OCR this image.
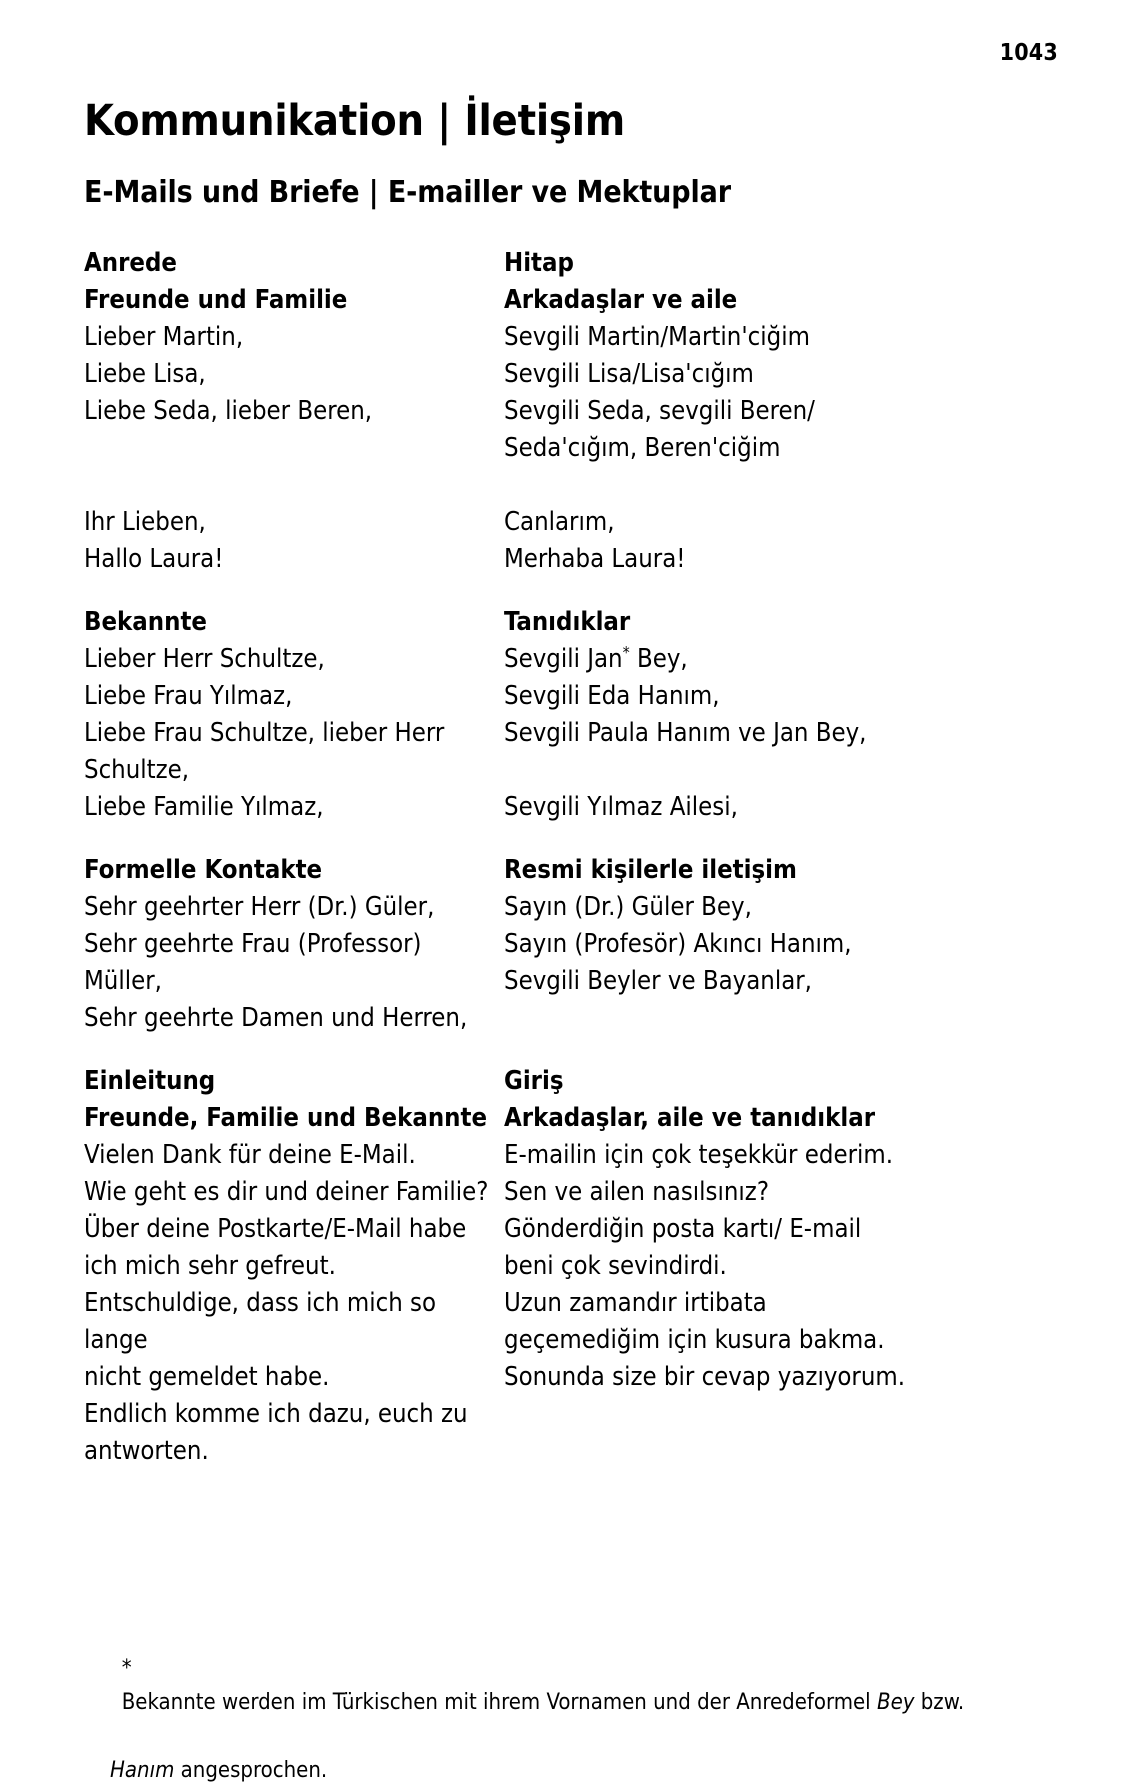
1043
Kommunikation | İletişim
E-Mails und Briefe | E-mailler ve Mektuplar
Anrede
Freunde und Familie
Lieber Martin,
Liebe Lisa,
Liebe Seda, lieber Beren,

Ihr Lieben,
Hallo Laura!
Hitap
Arkadaşlar ve aile
Sevgili Martin/Martin'ciğim
Sevgili Lisa/Lisa'cığım
Sevgili Seda, sevgili Beren/
Seda'cığım, Beren'ciğim

Canlarım,
Merhaba Laura!
Bekannte
Lieber Herr Schultze,
Liebe Frau Yılmaz,
Liebe Frau Schultze, lieber Herr
Schultze,
Liebe Familie Yılmaz,
Tanıdıklar
Sevgili Jan* Bey,
Sevgili Eda Hanım,
Sevgili Paula Hanım ve Jan Bey,

Sevgili Yılmaz Ailesi,
Formelle Kontakte
Sehr geehrter Herr (Dr.) Güler,
Sehr geehrte Frau (Professor) Müller,
Sehr geehrte Damen und Herren,
Resmi kişilerle iletişim
Sayın (Dr.) Güler Bey,
Sayın (Profesör) Akıncı Hanım,
Sevgili Beyler ve Bayanlar,
Einleitung
Freunde, Familie und Bekannte
Vielen Dank für deine E-Mail.
Wie geht es dir und deiner Familie?
Über deine Postkarte/E-Mail habe
ich mich sehr gefreut.
Entschuldige, dass ich mich so lange
nicht gemeldet habe.
Endlich komme ich dazu, euch zu
antworten.
Giriş
Arkadaşlar, aile ve tanıdıklar
E-mailin için çok teşekkür ederim.
Sen ve ailen nasılsınız?
Gönderdiğin posta kartı/ E-mail
beni çok sevindirdi.
Uzun zamandır irtibata
geçemediğim için kusura bakma.
Sonunda size bir cevap yazıyorum.

*
Bekannte werden im Türkischen mit ihrem Vornamen und der Anredeformel Bey bzw.

Hanım angesprochen.
